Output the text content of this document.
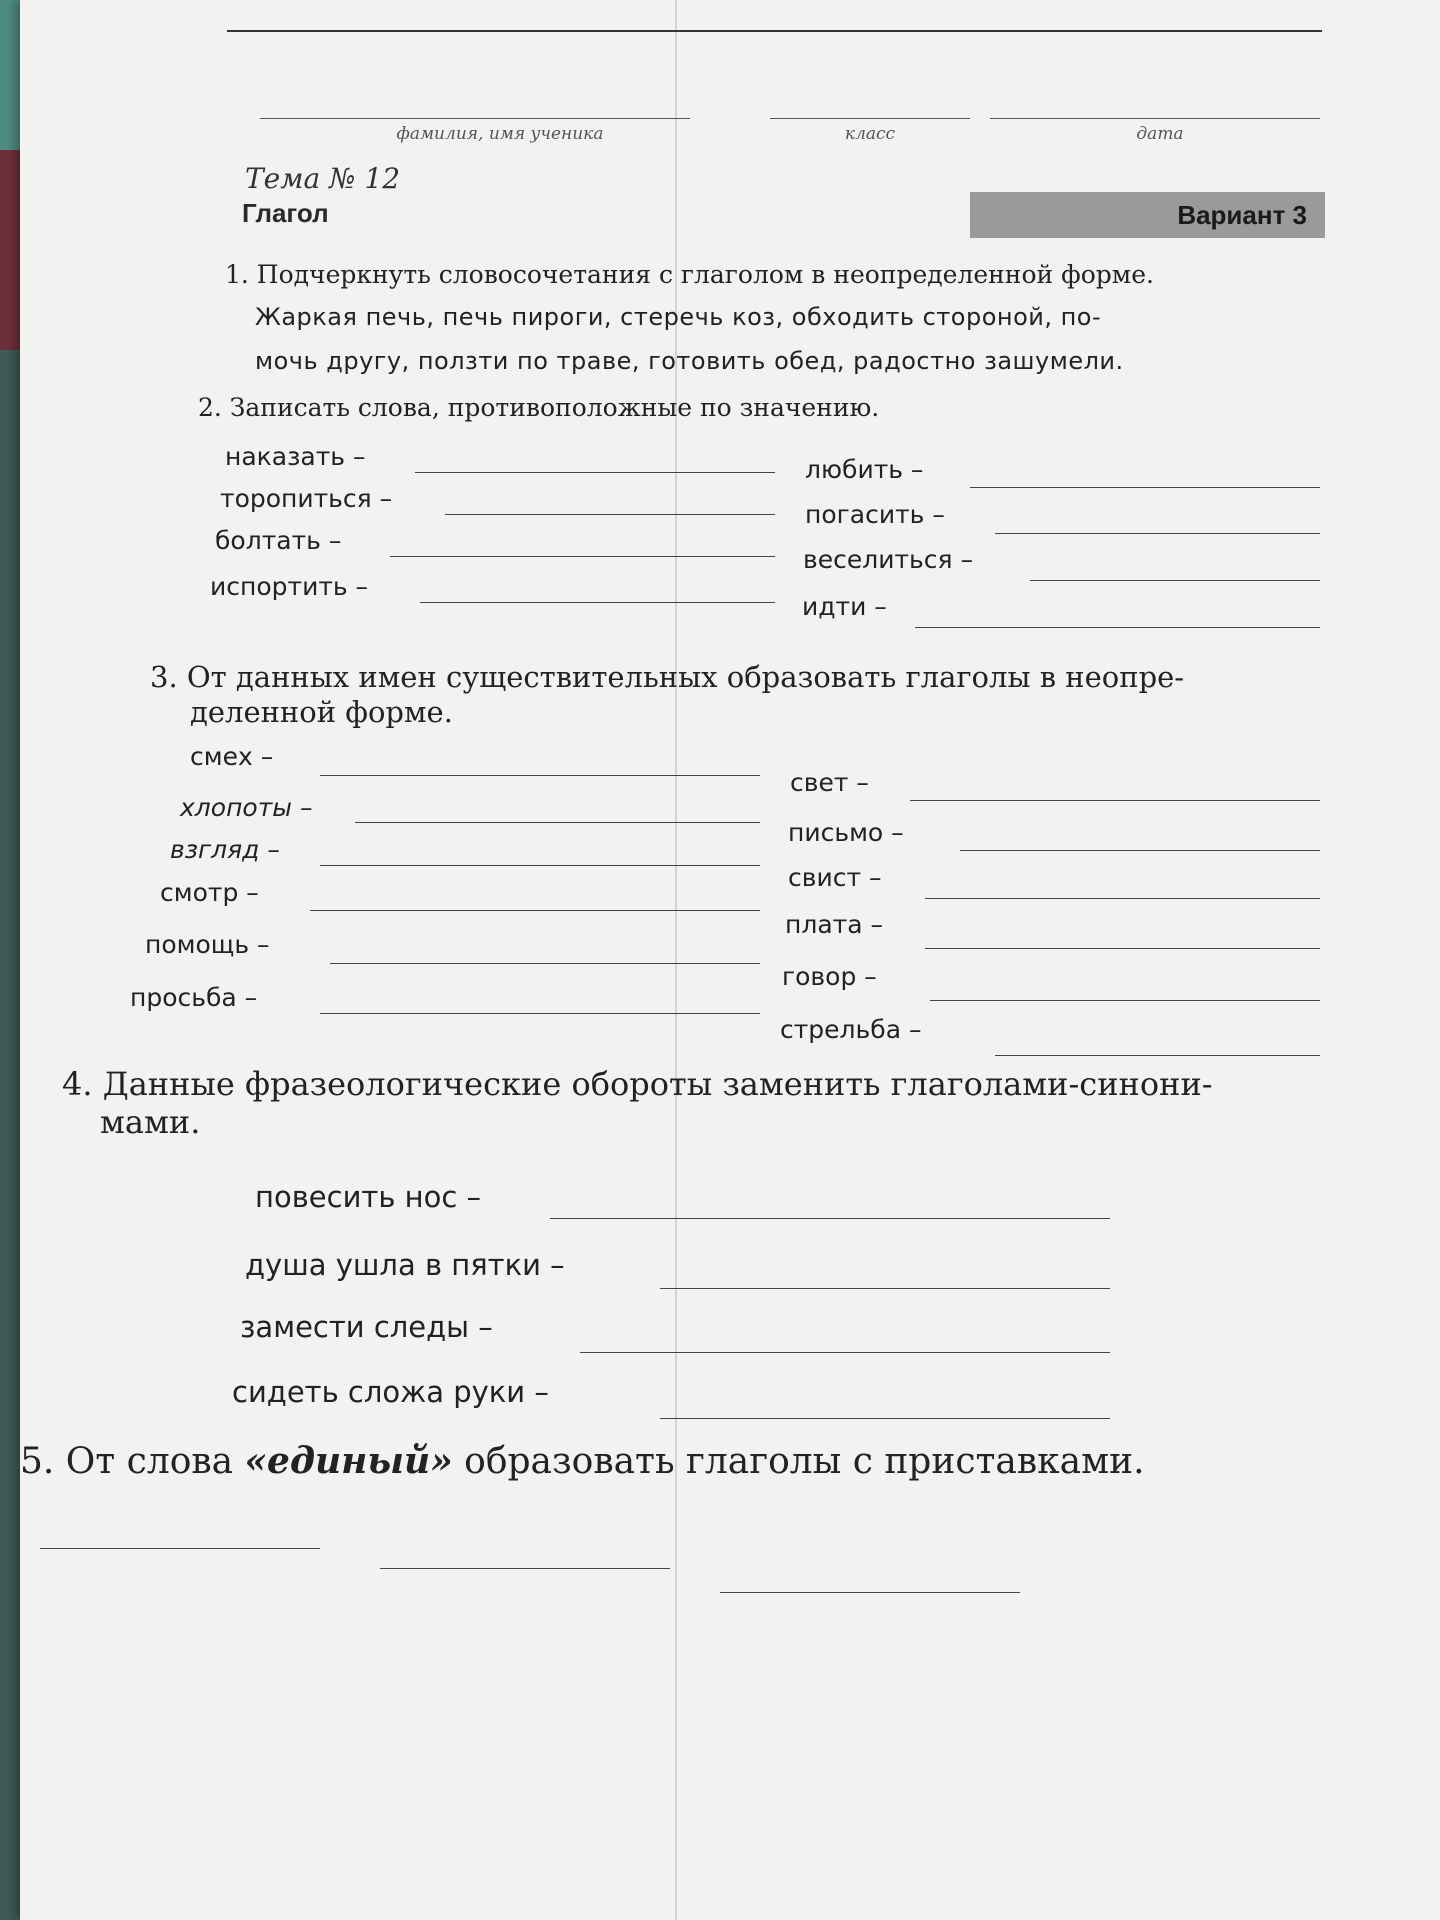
фамилия, имя ученика	класс	дата
Тема № 12
Глагол	Вариант 3
1. Подчеркнуть словосочетания с глаголом в неопределенной форме.
Жаркая печь, печь пироги, стеречь коз, обходить стороной, по-
мочь другу, ползти по траве, готовить обед, радостно зашумели.
2. Записать слова, противоположные по значению.
наказать –
торопиться –
болтать –
испортить –
любить –
погасить –
веселиться –
идти –
3. От данных имен существительных образовать глаголы в неопре-
деленной форме.
смех –
хлопоты –
взгляд –
смотр –
помощь –
просьба –
свет –
письмо –
свист –
плата –
говор –
стрельба –
4. Данные фразеологические обороты заменить глаголами-синони-
мами.
повесить нос –
душа ушла в пятки –
замести следы –
сидеть сложа руки –
5. От слова «единый» образовать глаголы с приставками.
